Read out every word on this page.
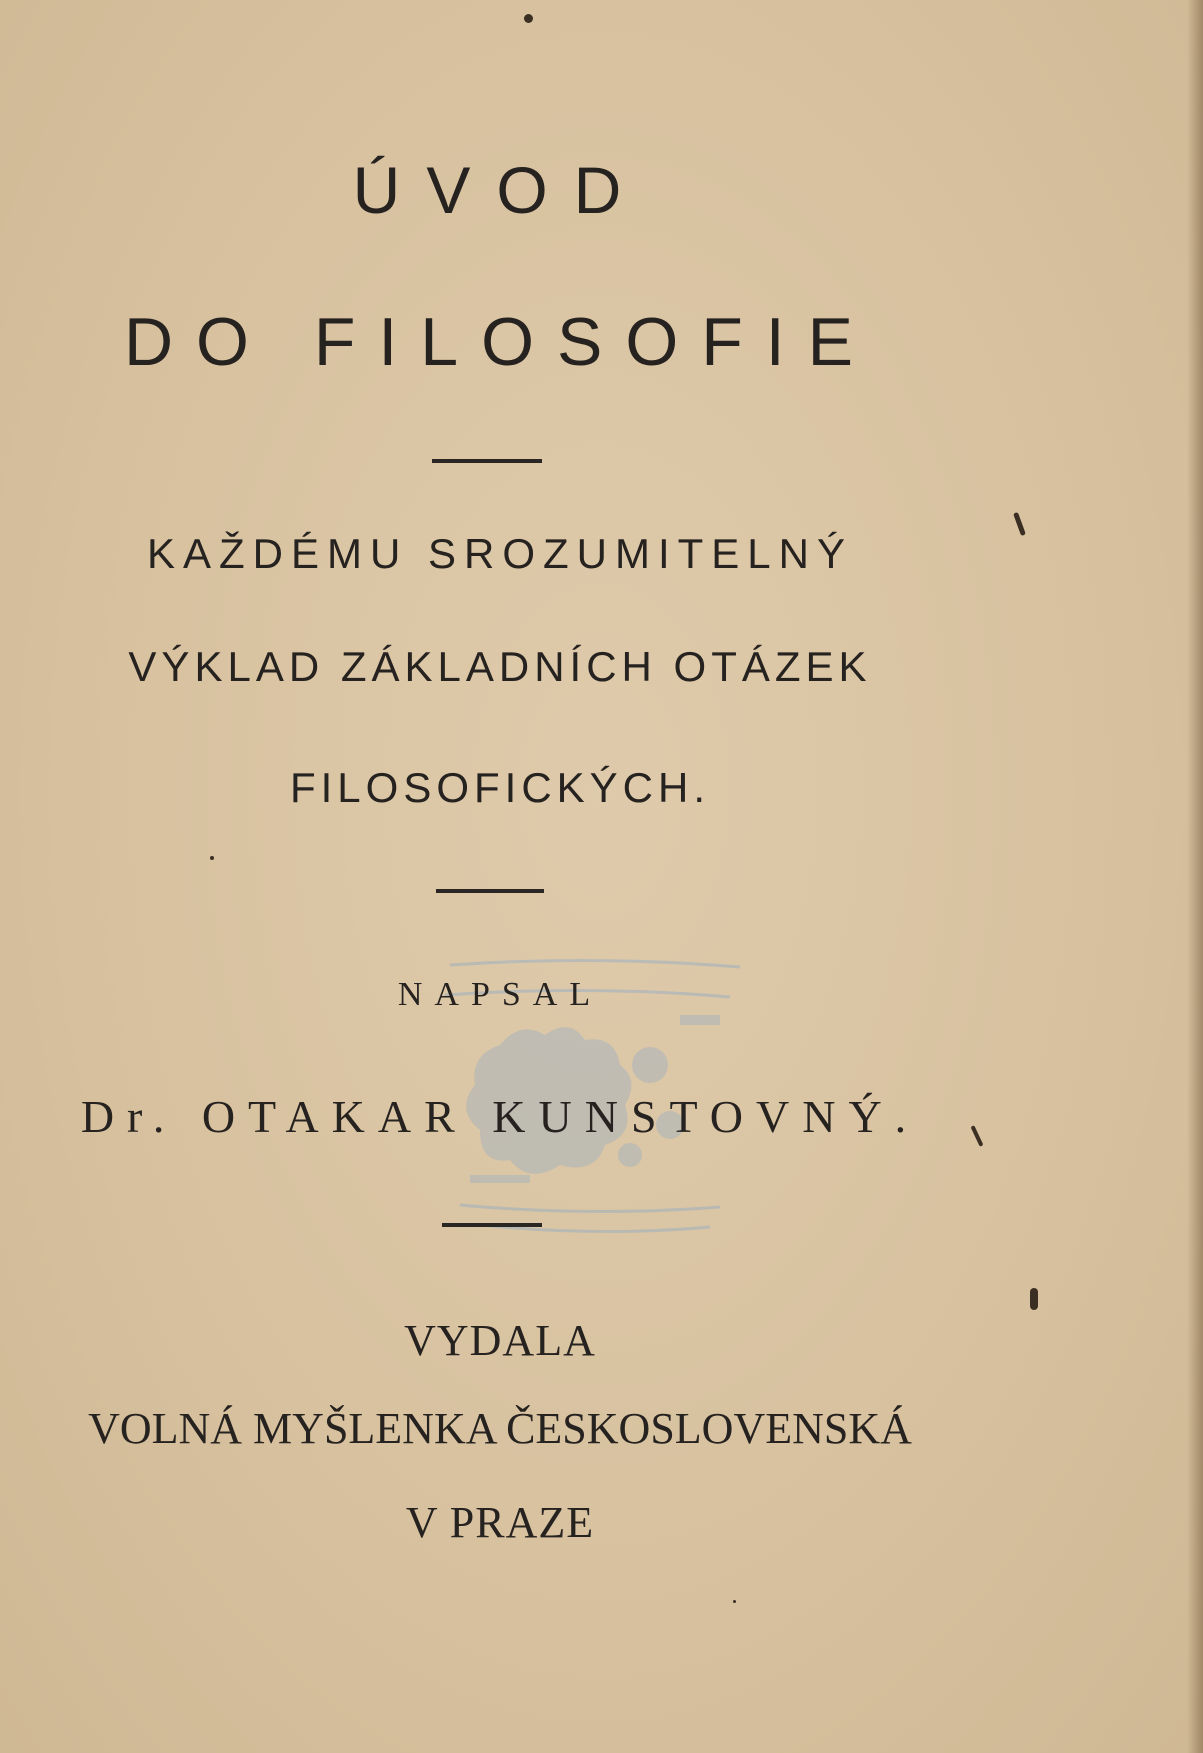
ÚVOD
DO FILOSOFIE
KAŽDÉMU SROZUMITELNÝ
VÝKLAD ZÁKLADNÍCH OTÁZEK
FILOSOFICKÝCH.
NAPSAL
Dr. OTAKAR KUNSTOVNÝ.
VYDALA
VOLNÁ MYŠLENKA ČESKOSLOVENSKÁ
V PRAZE
